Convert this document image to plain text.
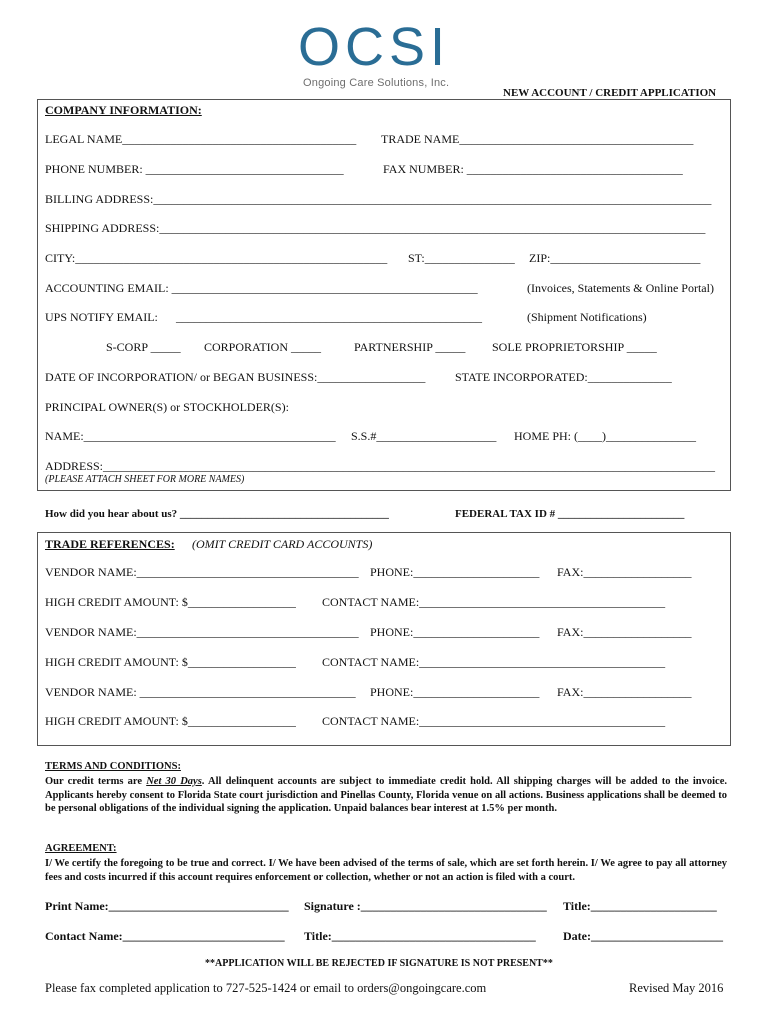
OCSI
Ongoing Care Solutions, Inc.
NEW ACCOUNT / CREDIT APPLICATION
COMPANY INFORMATION:
LEGAL NAME_______________________________________ TRADE NAME_______________________________________
PHONE NUMBER: _________________________________	FAX NUMBER: ____________________________________
BILLING ADDRESS:_____________________________________________________________________________________________
SHIPPING ADDRESS:___________________________________________________________________________________________
CITY:____________________________________________________ ST:_______________ ZIP:_________________________
ACCOUNTING EMAIL: ___________________________________________________	(Invoices, Statements & Online Portal)
UPS NOTIFY EMAIL: ___________________________________________________	(Shipment Notifications)
S-CORP _____ CORPORATION _____	PARTNERSHIP _____ SOLE PROPRIETORSHIP _____
DATE OF INCORPORATION/ or BEGAN BUSINESS:__________________ STATE INCORPORATED:______________
PRINCIPAL OWNER(S) or STOCKHOLDER(S):
NAME:__________________________________________ S.S.#____________________ HOME PH: (____)_______________
ADDRESS:______________________________________________________________________________________________________
(PLEASE ATTACH SHEET FOR MORE NAMES)
How did you hear about us? ______________________________________	FEDERAL TAX ID # _______________________
TRADE REFERENCES: (OMIT CREDIT CARD ACCOUNTS)
VENDOR NAME:_____________________________________ PHONE:_____________________ FAX:__________________
HIGH CREDIT AMOUNT: $__________________ CONTACT NAME:_________________________________________
VENDOR NAME:_____________________________________ PHONE:_____________________ FAX:__________________
HIGH CREDIT AMOUNT: $__________________ CONTACT NAME:_________________________________________
VENDOR NAME: ____________________________________ PHONE:_____________________ FAX:__________________
HIGH CREDIT AMOUNT: $__________________ CONTACT NAME:_________________________________________
TERMS AND CONDITIONS:
Our credit terms are Net 30 Days. All delinquent accounts are subject to immediate credit hold. All shipping charges will be added to the invoice. Applicants hereby consent to Florida State court jurisdiction and Pinellas County, Florida venue on all actions. Business applications shall be deemed to be personal obligations of the individual signing the application. Unpaid balances bear interest at 1.5% per month.
AGREEMENT:
I/ We certify the foregoing to be true and correct. I/ We have been advised of the terms of sale, which are set forth herein. I/ We agree to pay all attorney fees and costs incurred if this account requires enforcement or collection, whether or not an action is filed with a court.
Print Name:______________________________ Signature :_______________________________ Title:_____________________
Contact Name:___________________________ Title:__________________________________ Date:______________________
**APPLICATION WILL BE REJECTED IF SIGNATURE IS NOT PRESENT**
Please fax completed application to 727-525-1424 or email to orders@ongoingcare.com	Revised May 2016
